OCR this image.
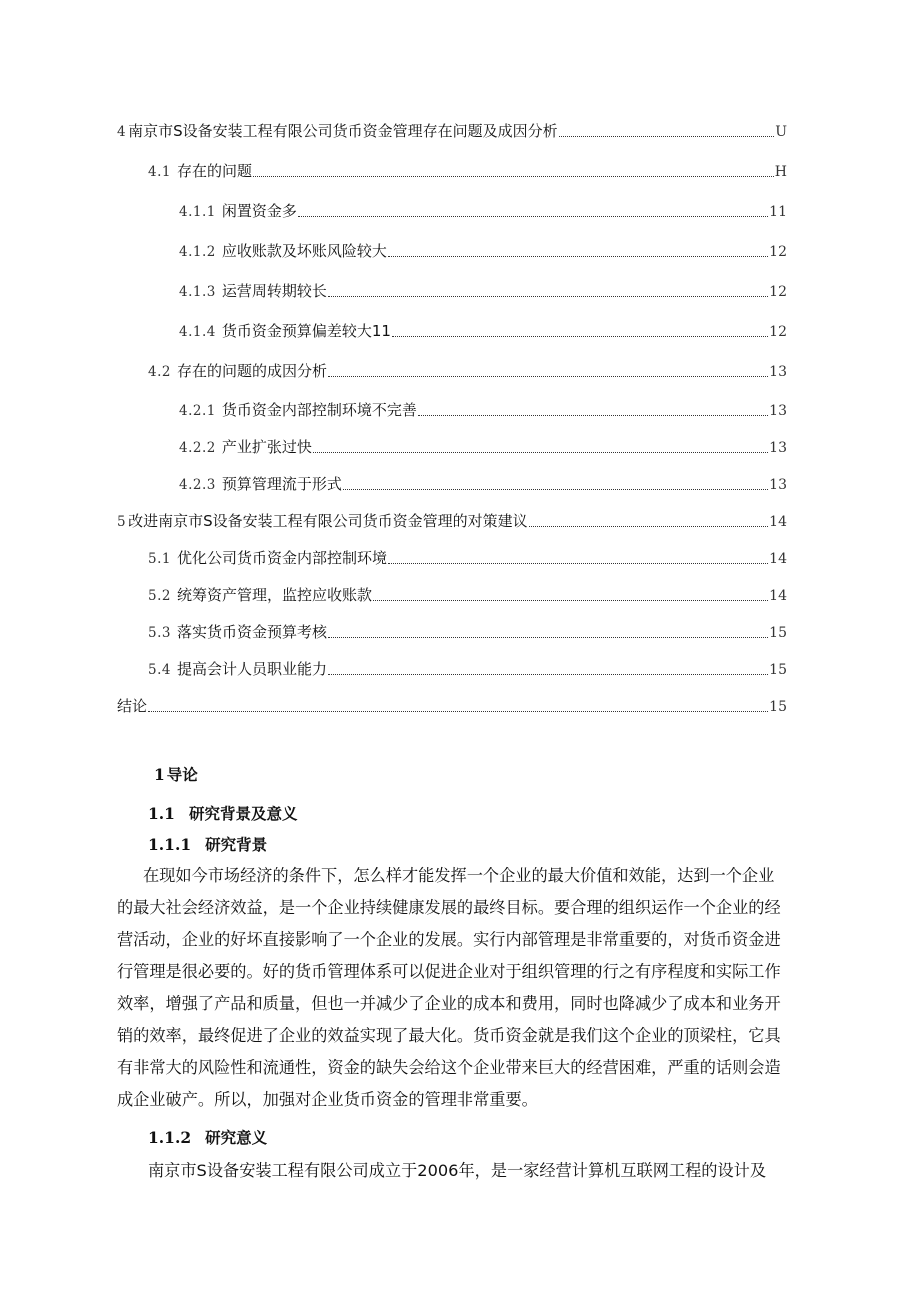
4 南京市S设备安装工程有限公司货币资金管理存在问题及成因分析	U
4.1 存在的问题	H
4.1.1 闲置资金多	11
4.1.2 应收账款及坏账风险较大	12
4.1.3 运营周转期较长	12
4.1.4 货币资金预算偏差较大11	12
4.2 存在的问题的成因分析	13
4.2.1 货币资金内部控制环境不完善	13
4.2.2 产业扩张过快	13
4.2.3 预算管理流于形式	13
5 改进南京市S设备安装工程有限公司货币资金管理的对策建议	14
5.1 优化公司货币资金内部控制环境	14
5.2 统筹资产管理，监控应收账款	14
5.3 落实货币资金预算考核	15
5.4 提高会计人员职业能力	15
结论	15
1 导论
1.1 研究背景及意义
1.1.1 研究背景
在现如今市场经济的条件下，怎么样才能发挥一个企业的最大价值和效能，达到一个企业
的最大社会经济效益，是一个企业持续健康发展的最终目标。要合理的组织运作一个企业的经
营活动，企业的好坏直接影响了一个企业的发展。实行内部管理是非常重要的，对货币资金进
行管理是很必要的。好的货币管理体系可以促进企业对于组织管理的行之有序程度和实际工作
效率，增强了产品和质量，但也一并减少了企业的成本和费用，同时也降减少了成本和业务开
销的效率，最终促进了企业的效益实现了最大化。货币资金就是我们这个企业的顶梁柱，它具
有非常大的风险性和流通性，资金的缺失会给这个企业带来巨大的经营困难，严重的话则会造
成企业破产。所以，加强对企业货币资金的管理非常重要。
1.1.2 研究意义
南京市S设备安装工程有限公司成立于2006年，是一家经营计算机互联网工程的设计及
